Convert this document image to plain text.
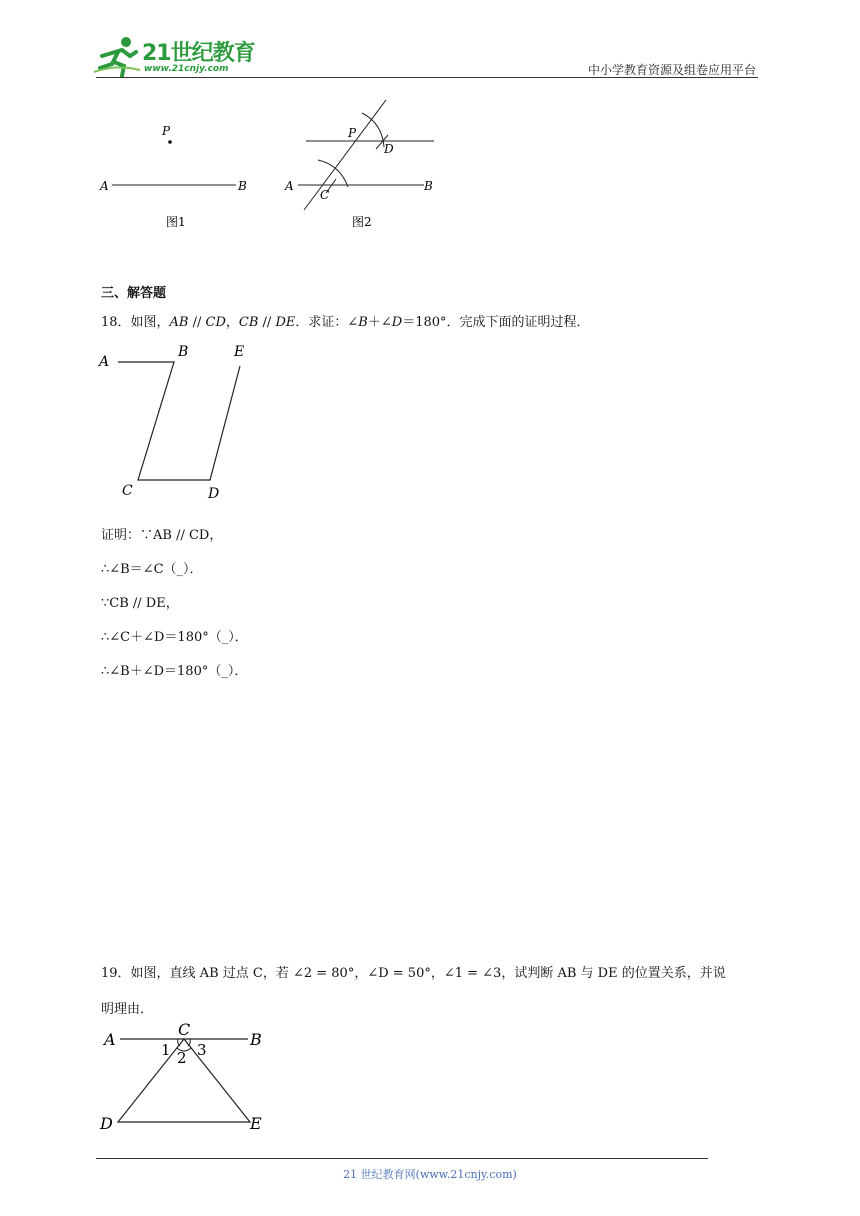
21世纪教育
www.21cnjy.com	中小学教育资源及组卷应用平台
P
A	B
图1
P
D
A
C
B
图2
三、解答题
18．如图，AB // CD，CB // DE．求证：∠B＋∠D＝180°．完成下面的证明过程．
A
B	E
C	D
证明：∵AB // CD，
∴∠B＝∠C（_）．
∵CB // DE，
∴∠C＋∠D＝180°（_）．
∴∠B＋∠D＝180°（_）．
19．如图，直线 AB 过点 C，若 ∠2 = 80°，∠D = 50°，∠1 = ∠3，试判断 AB 与 DE 的位置关系，并说
明理由．
A
C
B
1 2 3
D	E
21 世纪教育网(www.21cnjy.com)
